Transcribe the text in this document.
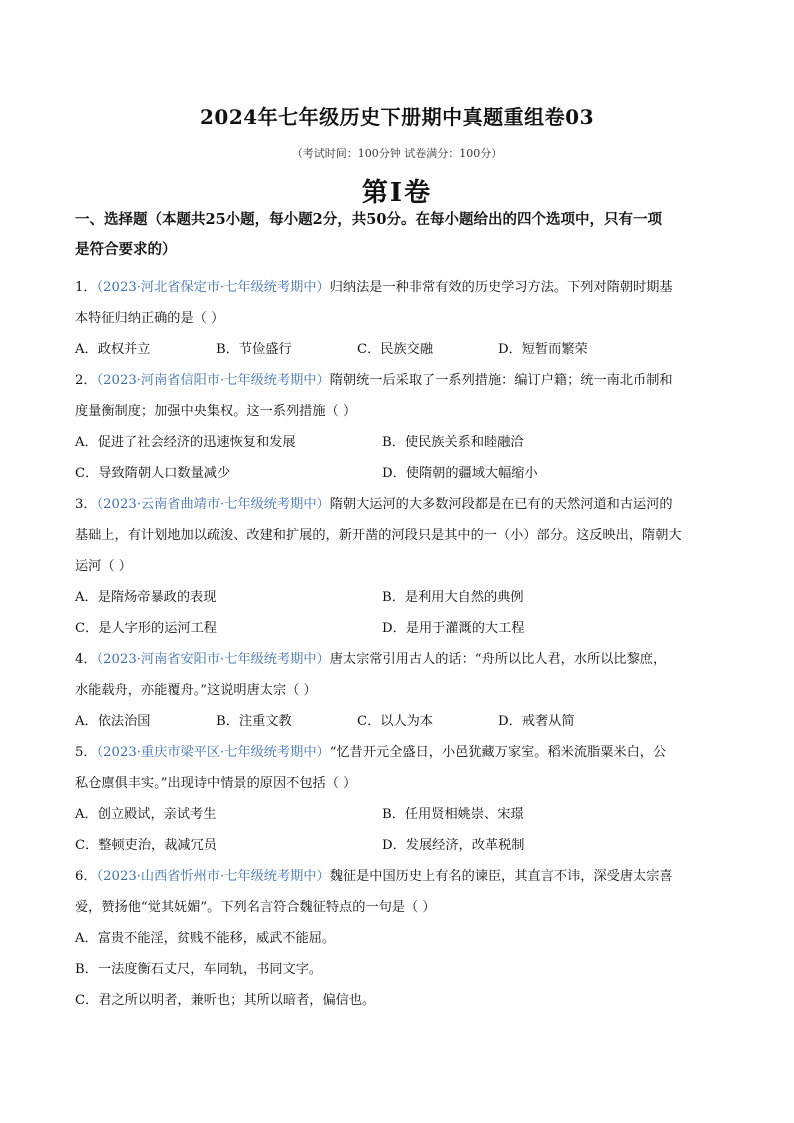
2024年七年级历史下册期中真题重组卷03
（考试时间：100分钟 试卷满分：100分）
第I卷
一、选择题（本题共25小题，每小题2分，共50分。在每小题给出的四个选项中，只有一项
是符合要求的）
1．（2023·河北省保定市·七年级统考期中）归纳法是一种非常有效的历史学习方法。下列对隋朝时期基
本特征归纳正确的是（ ）
A．政权并立	B．节俭盛行	C．民族交融	D．短暂而繁荣
2．（2023·河南省信阳市·七年级统考期中）隋朝统一后采取了一系列措施：编订户籍；统一南北币制和
度量衡制度；加强中央集权。这一系列措施（ ）
A．促进了社会经济的迅速恢复和发展	B．使民族关系和睦融洽
C．导致隋朝人口数量减少	D．使隋朝的疆域大幅缩小
3．（2023·云南省曲靖市·七年级统考期中）隋朝大运河的大多数河段都是在已有的天然河道和古运河的
基础上，有计划地加以疏浚、改建和扩展的，新开凿的河段只是其中的一（小）部分。这反映出，隋朝大
运河（ ）
A．是隋炀帝暴政的表现	B．是利用大自然的典例
C．是人字形的运河工程	D．是用于灌溉的大工程
4．（2023·河南省安阳市·七年级统考期中）唐太宗常引用古人的话：“舟所以比人君，水所以比黎庶，
水能载舟，亦能覆舟。”这说明唐太宗（ ）
A．依法治国	B．注重文教	C．以人为本	D．戒奢从简
5．（2023·重庆市梁平区·七年级统考期中）“忆昔开元全盛日，小邑犹藏万家室。稻米流脂粟米白，公
私仓廪俱丰实。”出现诗中情景的原因不包括（ ）
A．创立殿试，亲试考生	B．任用贤相姚崇、宋璟
C．整顿吏治，裁减冗员	D．发展经济，改革税制
6．（2023·山西省忻州市·七年级统考期中）魏征是中国历史上有名的谏臣，其直言不讳，深受唐太宗喜
爱，赞扬他“觉其妩媚”。下列名言符合魏征特点的一句是（ ）
A．富贵不能淫，贫贱不能移，威武不能屈。
B．一法度衡石丈尺，车同轨，书同文字。
C．君之所以明者，兼听也；其所以暗者，偏信也。
